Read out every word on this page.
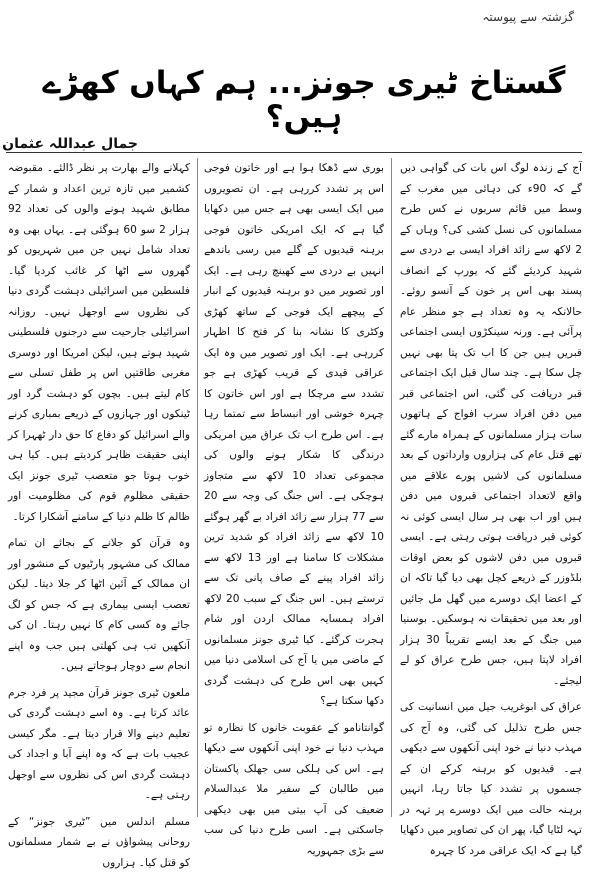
گزشتہ سے پیوستہ
گستاخ ٹیری جونز... ہم کہاں کھڑے ہیں؟
جمال عبداللہ عثمان

آج کے زندہ لوگ اس بات کی گواہی دیں گے کہ 90ء کی دہائی میں مغرب کے وسط میں قائم سربوں نے کس طرح مسلمانوں کی نسل کشی کی؟ وہاں کے 2 لاکھ سے زائد افراد ایسی بے دردی سے شہید کردیئے گئے کہ یورپ کے انصاف پسند بھی اس پر خون کے آنسو روئے۔ حالانکہ یہ وہ تعداد ہے جو منظر عام پرآئی ہے۔ ورنہ سینکڑوں ایسی اجتماعی قبریں ہیں جن کا اب تک پتا بھی نہیں چل سکا ہے۔ چند سال قبل ایک اجتماعی قبر دریافت کی گئی، اس اجتماعی قبر میں دفن افراد سرب افواج کے ہاتھوں سات ہزار مسلمانوں کے ہمراہ مارے گئے تھے قتل عام کی ہزاروں وارداتوں کے بعد مسلمانوں کی لاشیں پورے علاقے میں واقع لاتعداد اجتماعی قبروں میں دفن ہیں اور اب بھی ہر سال ایسی کوئی نہ کوئی قبر دریافت ہوتی رہتی ہے۔ ایسی قبروں میں دفن لاشوں کو بعض اوقات بلڈوزر کے ذریعے کچل بھی دیا گیا تاکہ ان کے اعضا ایک دوسرے میں گھل مل جائیں اور بعد میں تحقیقات نہ ہوسکیں۔ بوسنیا میں جنگ کے بعد ایسے تقریباً 30 ہزار افراد لاپتا ہیں، جس طرح عراق کو لے لیجئے۔

عراق کی ابوغریب جیل میں انسانیت کی جس طرح تذلیل کی گئی، وہ آج کی مہذب دنیا نے خود اپنی آنکھوں سے دیکھی ہے۔ قیدیوں کو برہنہ کرکے ان کے جسموں پر تشدد کیا جاتا رہا، انہیں برہنہ حالت میں ایک دوسرے پر تہہ در تہہ لٹایا گیا، پھر ان کی تصاویر میں دکھایا گیا ہے کہ ایک عراقی مرد کا چہرہ

بوری سے ڈھکا ہوا ہے اور خاتون فوجی اس پر تشدد کررہی ہے۔ ان تصویروں میں ایک ایسی بھی ہے جس میں دکھایا گیا ہے کہ ایک امریکی خاتون فوجی برہنہ قیدیوں کے گلے میں رسی باندھے انہیں بے دردی سے کھینچ رہی ہے۔ ایک اور تصویر میں دو برہنہ قیدیوں کے انبار کے پیچھے ایک فوجی کے ساتھ کھڑی وکٹری کا نشانہ بنا کر فتح کا اظہار کررہی ہے۔ ایک اور تصویر میں وہ ایک عراقی قیدی کے قریب کھڑی ہے جو تشدد سے مرچکا ہے اور اس خاتون کا چہرہ خوشی اور انبساط سے تمتما رہا ہے۔ اس طرح اب تک عراق میں امریکی درندگی کا شکار ہونے والوں کی مجموعی تعداد 10 لاکھ سے متجاوز ہوچکی ہے۔ اس جنگ کی وجہ سے 20 سے 77 ہزار سے زائد افراد بے گھر ہوگئے 10 لاکھ سے زائد افراد کو شدید ترین مشکلات کا سامنا ہے اور 13 لاکھ سے زائد افراد پینے کے صاف پانی تک سے ترستے ہیں۔ اس جنگ کے سبب 20 لاکھ افراد ہمسایہ ممالک اردن اور شام ہجرت کرگئے۔ کیا ٹیری جونز مسلمانوں کے ماضی میں یا آج کی اسلامی دنیا میں کہیں بھی اس طرح کی دہشت گردی دکھا سکتا ہے؟

گوانتانامو کے عقوبت خانوں کا نظارہ تو مہذب دنیا نے خود اپنی آنکھوں سے دیکھا ہے۔ اس کی ہلکی سی جھلک پاکستان میں طالبان کے سفیر ملا عبدالسلام ضعیف کی آپ بیتی میں بھی دیکھی جاسکتی ہے۔ اسی طرح دنیا کی سب سے بڑی جمہوریہ

کہلانے والے بھارت پر نظر ڈالئے۔ مقبوضہ کشمیر میں تازہ ترین اعداد و شمار کے مطابق شہید ہونے والوں کی تعداد 92 ہزار 2 سو 60 ہوگئی ہے۔ یہاں بھی وہ تعداد شامل نہیں جن میں شہریوں کو گھروں سے اٹھا کر غائب کردیا گیا۔ فلسطین میں اسرائیلی دہشت گردی دنیا کی نظروں سے اوجھل نہیں۔ روزانہ اسرائیلی جارحیت سے درجنوں فلسطینی شہید ہوتے ہیں، لیکن امریکا اور دوسری مغربی طاقتیں اس پر طفل تسلی سے کام لیتے ہیں۔ بچوں کو دہشت گرد اور ٹینکوں اور جہازوں کے ذریعے بمباری کرنے والے اسرائیل کو دفاع کا حق دار ٹھہرا کر اپنی حقیقت ظاہر کردیتے ہیں۔ کیا ہی خوب ہوتا جو متعصب ٹیری جونز ایک حقیقی مظلوم قوم کی مظلومیت اور ظالم کا ظلم دنیا کے سامنے آشکارا کرتا۔

وہ قرآن کو جلانے کے بجائے ان تمام ممالک کی مشہور پارٹیوں کے منشور اور ان ممالک کے آئین اٹھا کر جلا دیتا۔ لیکن تعصب ایسی بیماری ہے کہ جس کو لگ جائے وہ کسی کام کا نہیں رہتا۔ ان کی آنکھیں تب ہی کھلتی ہیں جب وہ اپنے انجام سے دوچار ہوجاتے ہیں۔

ملعون ٹیری جونز قرآن مجید پر فرد جرم عائد کرتا ہے۔ وہ اسے دہشت گردی کی تعلیم دینے والا قرار دیتا ہے۔ مگر کیسی عجیب بات ہے کہ وہ اپنے آبا و اجداد کی دہشت گردی اس کی نظروں سے اوجھل رہتی ہے۔

مسلم اندلس میں ”ٹیری جونز“ کے روحانی پیشواؤں نے بے شمار مسلمانوں کو قتل کیا۔ ہزاروں
